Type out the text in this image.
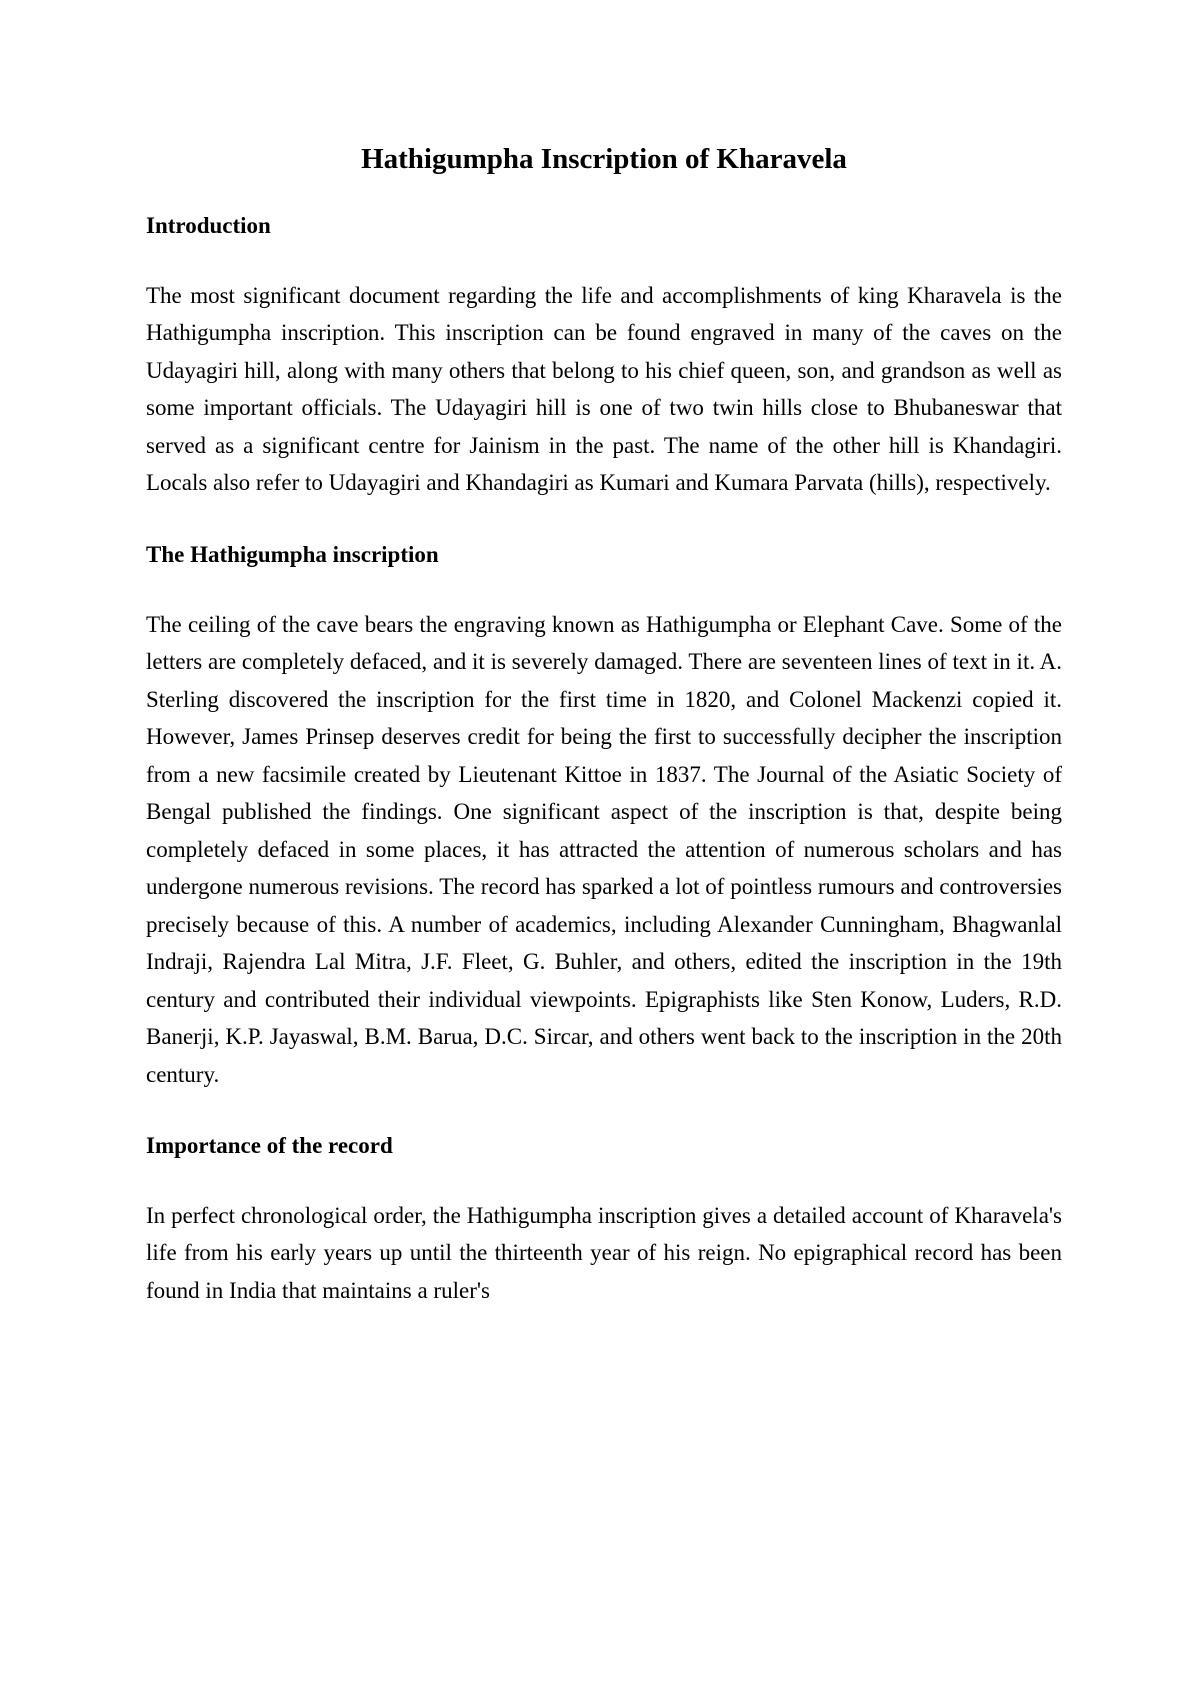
Hathigumpha Inscription of Kharavela
Introduction

The most significant document regarding the life and accomplishments of king Kharavela is the Hathigumpha inscription. This inscription can be found engraved in many of the caves on the Udayagiri hill, along with many others that belong to his chief queen, son, and grandson as well as some important officials. The Udayagiri hill is one of two twin hills close to Bhubaneswar that served as a significant centre for Jainism in the past. The name of the other hill is Khandagiri. Locals also refer to Udayagiri and Khandagiri as Kumari and Kumara Parvata (hills), respectively.

The Hathigumpha inscription

The ceiling of the cave bears the engraving known as Hathigumpha or Elephant Cave. Some of the letters are completely defaced, and it is severely damaged. There are seventeen lines of text in it. A. Sterling discovered the inscription for the first time in 1820, and Colonel Mackenzi copied it. However, James Prinsep deserves credit for being the first to successfully decipher the inscription from a new facsimile created by Lieutenant Kittoe in 1837. The Journal of the Asiatic Society of Bengal published the findings. One significant aspect of the inscription is that, despite being completely defaced in some places, it has attracted the attention of numerous scholars and has undergone numerous revisions. The record has sparked a lot of pointless rumours and controversies precisely because of this. A number of academics, including Alexander Cunningham, Bhagwanlal Indraji, Rajendra Lal Mitra, J.F. Fleet, G. Buhler, and others, edited the inscription in the 19th century and contributed their individual viewpoints. Epigraphists like Sten Konow, Luders, R.D. Banerji, K.P. Jayaswal, B.M. Barua, D.C. Sircar, and others went back to the inscription in the 20th century.

Importance of the record

In perfect chronological order, the Hathigumpha inscription gives a detailed account of Kharavela's life from his early years up until the thirteenth year of his reign. No epigraphical record has been found in India that maintains a ruler's
